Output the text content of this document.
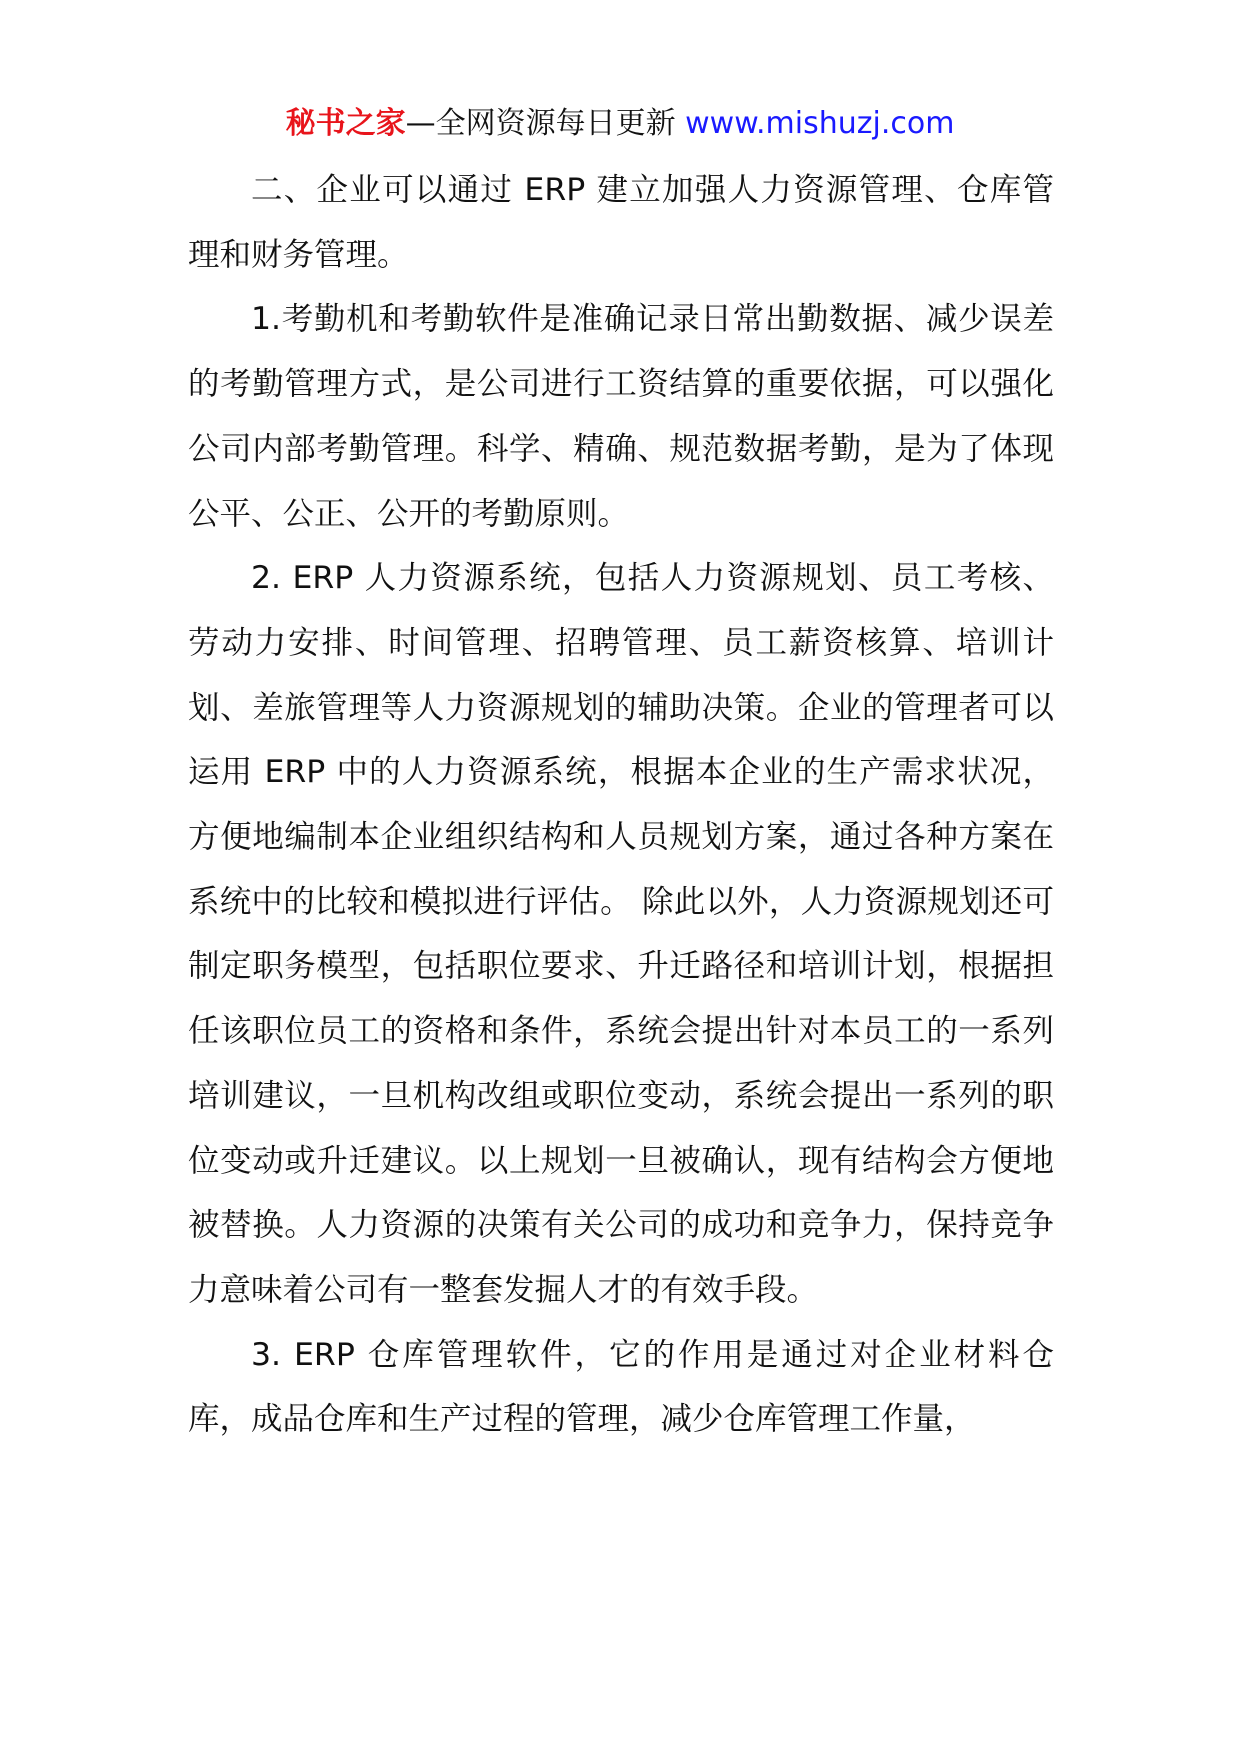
秘书之家—全网资源每日更新 www.mishuzj.com

二、企业可以通过 ERP 建立加强人力资源管理、仓库管理和财务管理。

1.考勤机和考勤软件是准确记录日常出勤数据、减少误差的考勤管理方式，是公司进行工资结算的重要依据，可以强化公司内部考勤管理。科学、精确、规范数据考勤，是为了体现公平、公正、公开的考勤原则。

2. ERP 人力资源系统，包括人力资源规划、员工考核、劳动力安排、时间管理、招聘管理、员工薪资核算、培训计划、差旅管理等人力资源规划的辅助决策。企业的管理者可以运用 ERP 中的人力资源系统，根据本企业的生产需求状况，方便地编制本企业组织结构和人员规划方案，通过各种方案在系统中的比较和模拟进行评估。 除此以外，人力资源规划还可制定职务模型，包括职位要求、升迁路径和培训计划，根据担任该职位员工的资格和条件，系统会提出针对本员工的一系列培训建议，一旦机构改组或职位变动，系统会提出一系列的职位变动或升迁建议。以上规划一旦被确认，现有结构会方便地被替换。人力资源的决策有关公司的成功和竞争力，保持竞争力意味着公司有一整套发掘人才的有效手段。

3. ERP 仓库管理软件，它的作用是通过对企业材料仓库，成品仓库和生产过程的管理，减少仓库管理工作量，
